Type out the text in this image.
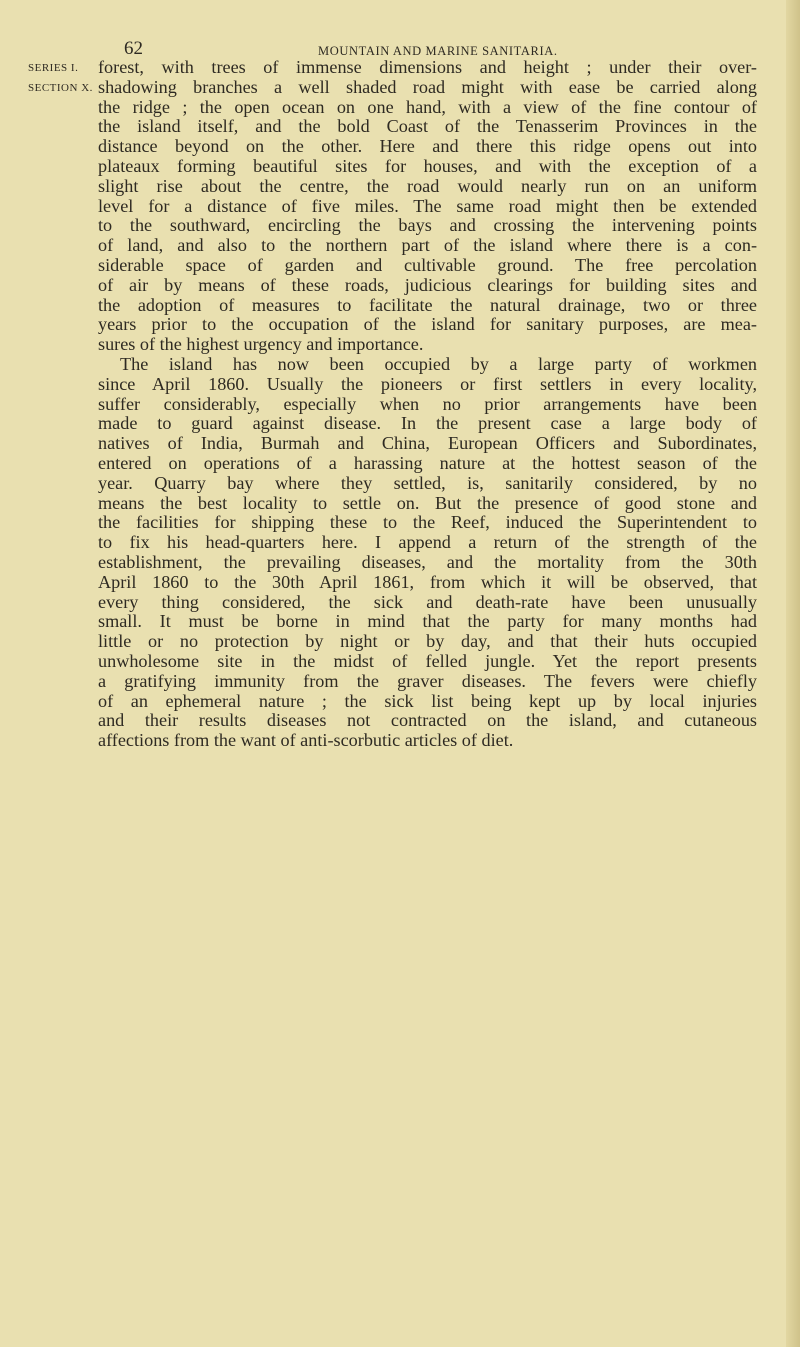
62	MOUNTAIN AND MARINE SANITARIA.
SERIES I.
SECTION X.
forest, with trees of immense dimensions and height ; under their over-
shadowing branches a well shaded road might with ease be carried along
the ridge ; the open ocean on one hand, with a view of the fine contour of
the island itself, and the bold Coast of the Tenasserim Provinces in the
distance beyond on the other. Here and there this ridge opens out into
plateaux forming beautiful sites for houses, and with the exception of a
slight rise about the centre, the road would nearly run on an uniform
level for a distance of five miles. The same road might then be extended
to the southward, encircling the bays and crossing the intervening points
of land, and also to the northern part of the island where there is a con-
siderable space of garden and cultivable ground. The free percolation
of air by means of these roads, judicious clearings for building sites and
the adoption of measures to facilitate the natural drainage, two or three
years prior to the occupation of the island for sanitary purposes, are mea-
sures of the highest urgency and importance.
The island has now been occupied by a large party of workmen
since April 1860. Usually the pioneers or first settlers in every locality,
suffer considerably, especially when no prior arrangements have been
made to guard against disease. In the present case a large body of
natives of India, Burmah and China, European Officers and Subordinates,
entered on operations of a harassing nature at the hottest season of the
year. Quarry bay where they settled, is, sanitarily considered, by no
means the best locality to settle on. But the presence of good stone and
the facilities for shipping these to the Reef, induced the Superintendent to
to fix his head-quarters here. I append a return of the strength of the
establishment, the prevailing diseases, and the mortality from the 30th
April 1860 to the 30th April 1861, from which it will be observed, that
every thing considered, the sick and death-rate have been unusually
small. It must be borne in mind that the party for many months had
little or no protection by night or by day, and that their huts occupied
unwholesome site in the midst of felled jungle. Yet the report presents
a gratifying immunity from the graver diseases. The fevers were chiefly
of an ephemeral nature ; the sick list being kept up by local injuries
and their results diseases not contracted on the island, and cutaneous
affections from the want of anti-scorbutic articles of diet.
